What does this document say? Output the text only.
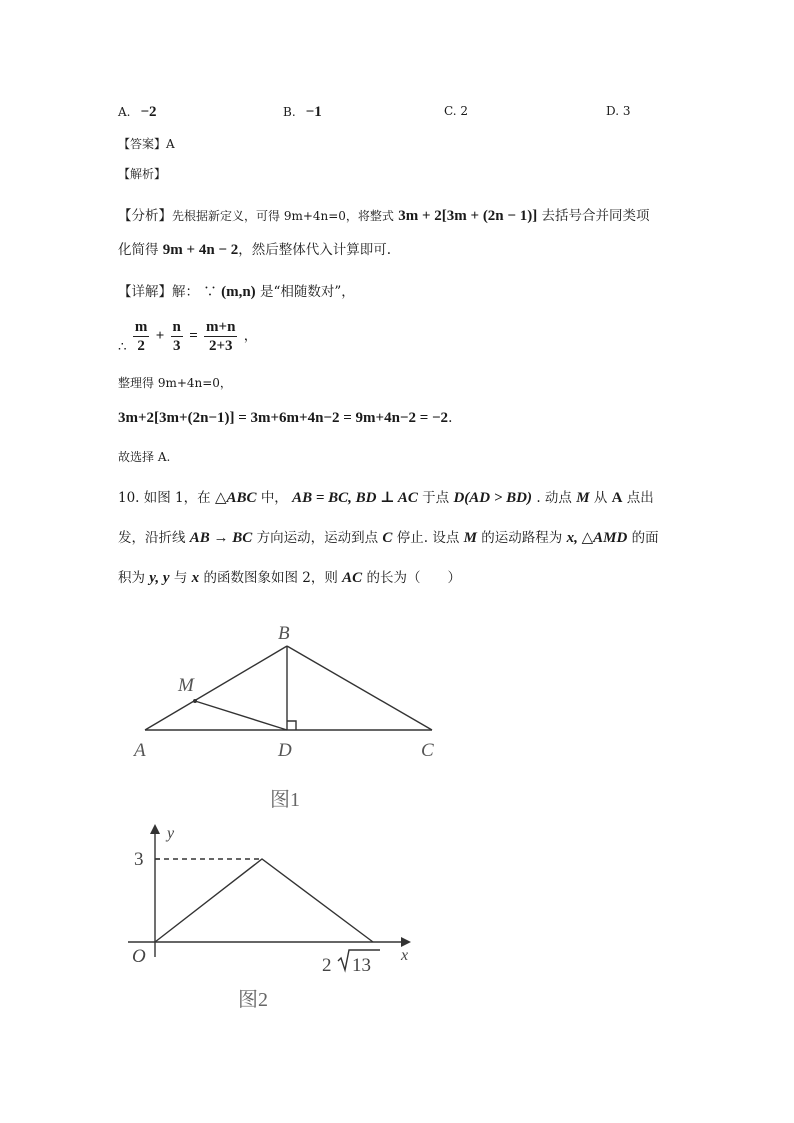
A. −2	B. −1	C. 2	D. 3
【答案】A
【解析】
【分析】先根据新定义，可得 9m+4n=0，将整式 3m + 2[3m + (2n − 1)] 去括号合并同类项
化简得 9m + 4n − 2，然后整体代入计算即可.
【详解】解： ∵ (m,n) 是“相随数对”，
∴ $\frac{m}{2} + \frac{n}{3} = \frac{m+n}{2+3}$ ，
整理得 9m+4n=0，
3m+2[3m+(2n−1)] = 3m+6m+4n−2 = 9m+4n−2 = −2.
故选择 A.
10. 如图 1，在 △ABC 中， AB = BC, BD ⊥ AC 于点 D(AD > BD) . 动点 M 从 A 点出
发，沿折线 AB → BC 方向运动，运动到点 C 停止. 设点 M 的运动路程为 x, △AMD 的面
积为 y, y 与 x 的函数图象如图 2，则 AC 的长为（　　）
A
B
C
D
M
图1
y
x
O
3
2 13
图2
